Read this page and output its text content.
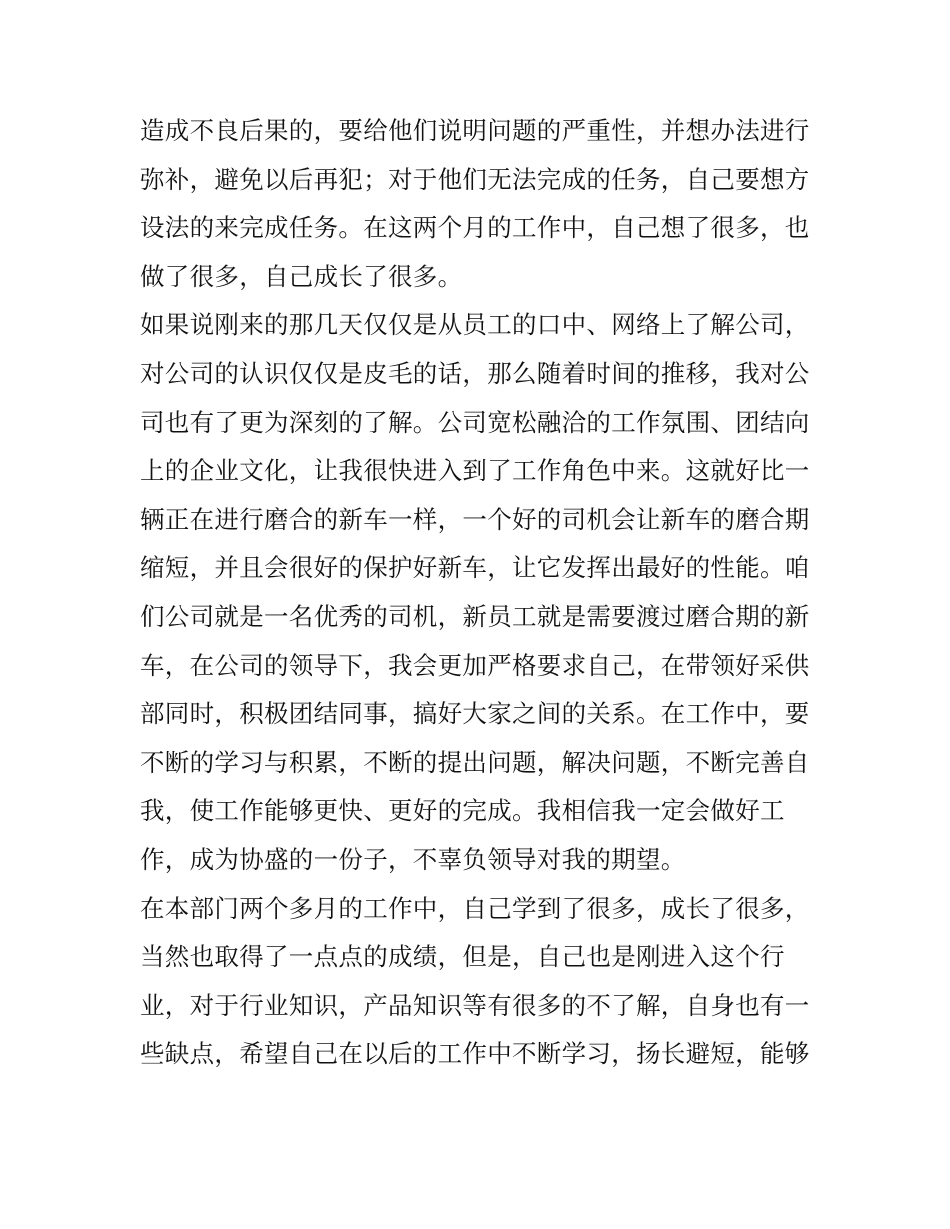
造成不良后果的，要给他们说明问题的严重性，并想办法进行
弥补，避免以后再犯；对于他们无法完成的任务，自己要想方
设法的来完成任务。在这两个月的工作中，自己想了很多，也
做了很多，自己成长了很多。
如果说刚来的那几天仅仅是从员工的口中、网络上了解公司，
对公司的认识仅仅是皮毛的话，那么随着时间的推移，我对公
司也有了更为深刻的了解。公司宽松融洽的工作氛围、团结向
上的企业文化，让我很快进入到了工作角色中来。这就好比一
辆正在进行磨合的新车一样，一个好的司机会让新车的磨合期
缩短，并且会很好的保护好新车，让它发挥出最好的性能。咱
们公司就是一名优秀的司机，新员工就是需要渡过磨合期的新
车，在公司的领导下，我会更加严格要求自己，在带领好采供
部同时，积极团结同事，搞好大家之间的关系。在工作中，要
不断的学习与积累，不断的提出问题，解决问题，不断完善自
我，使工作能够更快、更好的完成。我相信我一定会做好工
作，成为协盛的一份子，不辜负领导对我的期望。
在本部门两个多月的工作中，自己学到了很多，成长了很多，
当然也取得了一点点的成绩，但是，自己也是刚进入这个行
业，对于行业知识，产品知识等有很多的不了解，自身也有一
些缺点，希望自己在以后的工作中不断学习，扬长避短，能够
